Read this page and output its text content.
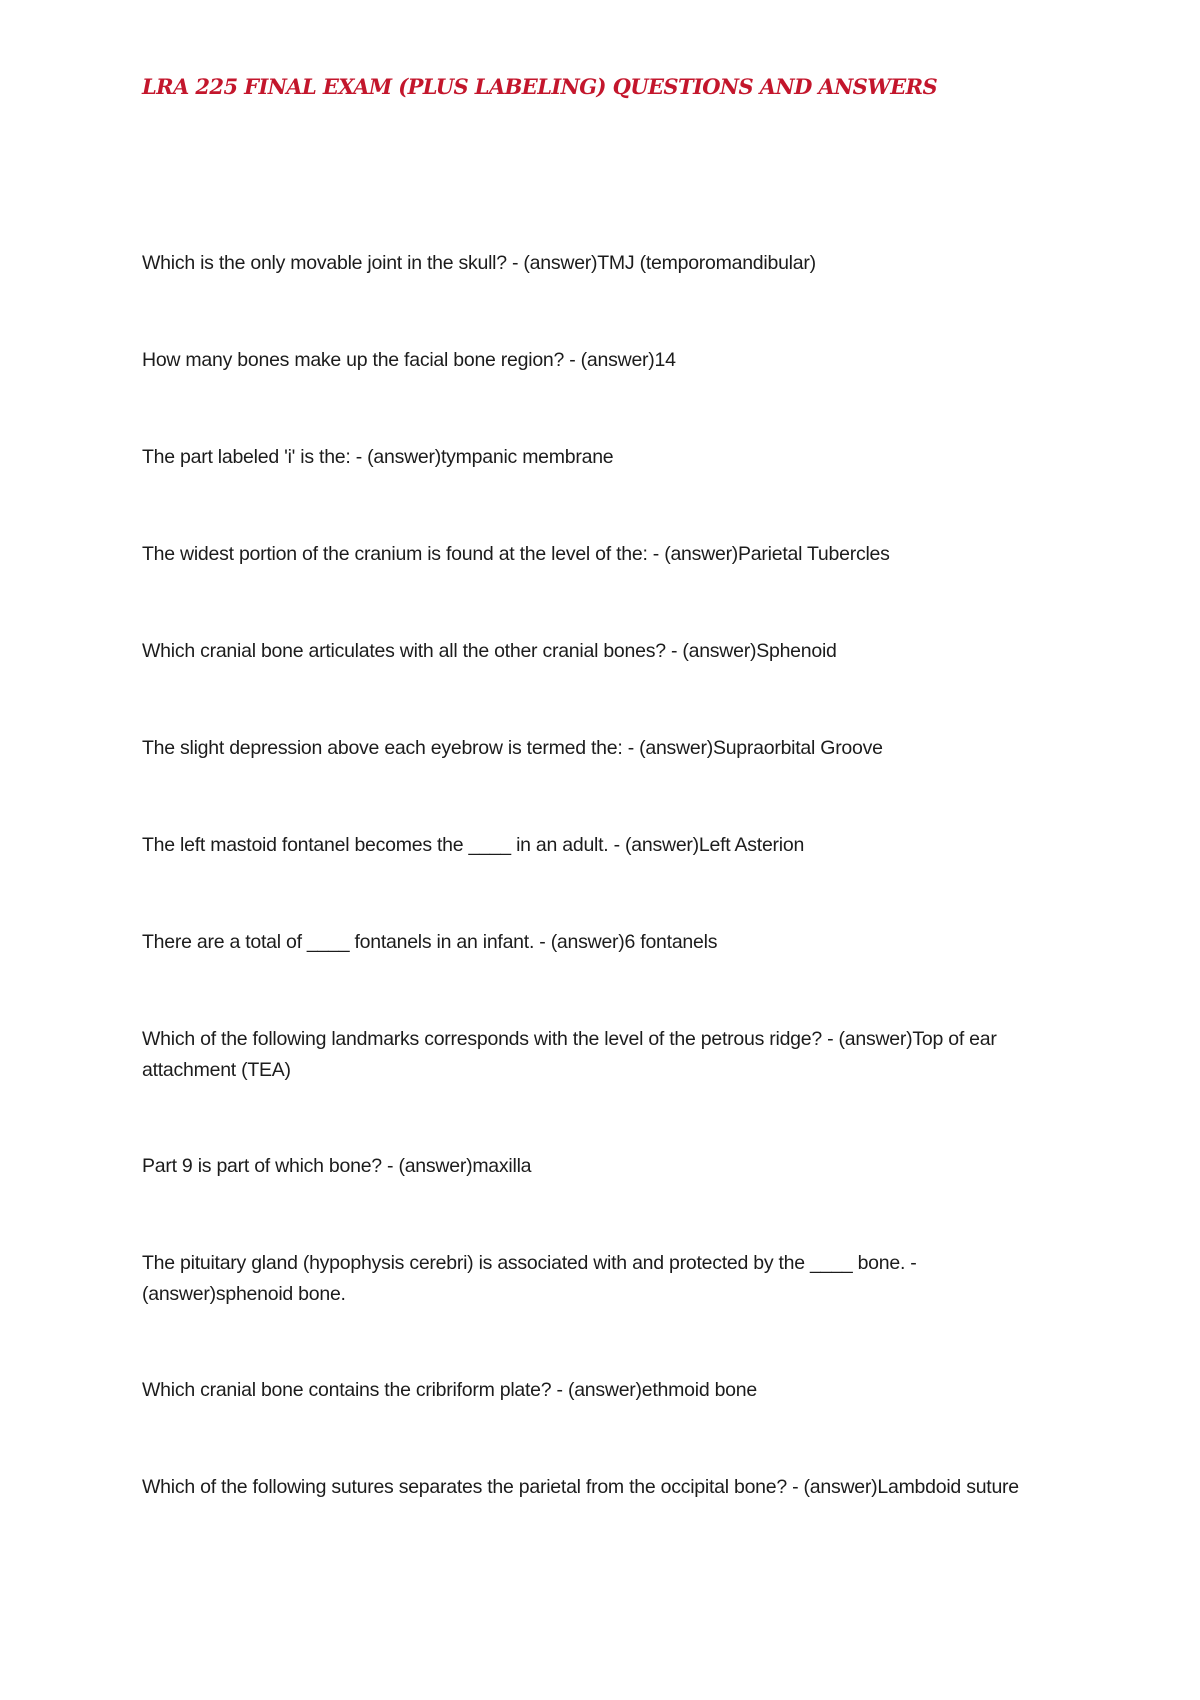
LRA 225 FINAL EXAM (PLUS LABELING) QUESTIONS AND ANSWERS
Which is the only movable joint in the skull? - (answer)TMJ (temporomandibular)
How many bones make up the facial bone region? - (answer)14
The part labeled 'i' is the: - (answer)tympanic membrane
The widest portion of the cranium is found at the level of the: - (answer)Parietal Tubercles
Which cranial bone articulates with all the other cranial bones? - (answer)Sphenoid
The slight depression above each eyebrow is termed the: - (answer)Supraorbital Groove
The left mastoid fontanel becomes the ____ in an adult. - (answer)Left Asterion
There are a total of ____ fontanels in an infant. - (answer)6 fontanels
Which of the following landmarks corresponds with the level of the petrous ridge? - (answer)Top of ear attachment (TEA)
Part 9 is part of which bone? - (answer)maxilla
The pituitary gland (hypophysis cerebri) is associated with and protected by the ____ bone. - (answer)sphenoid bone.
Which cranial bone contains the cribriform plate? - (answer)ethmoid bone
Which of the following sutures separates the parietal from the occipital bone? - (answer)Lambdoid suture
